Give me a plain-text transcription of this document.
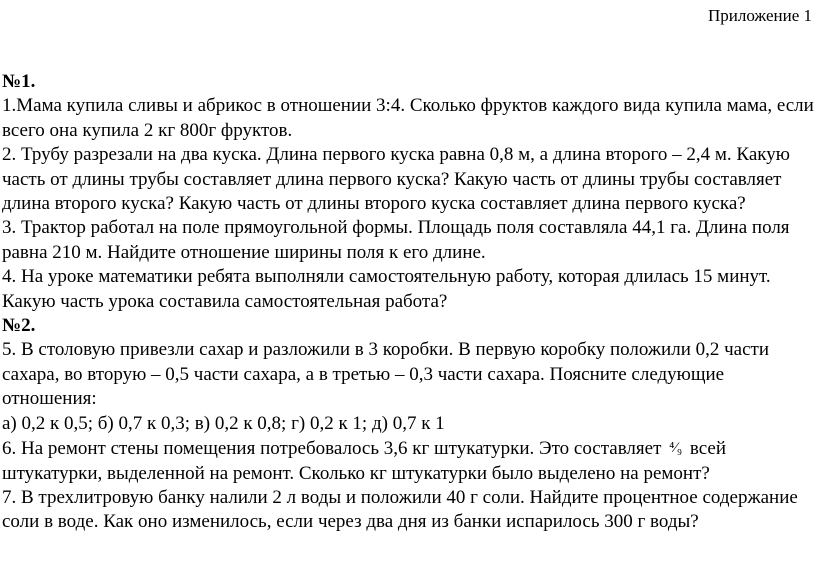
Приложение 1
№1.
1.Мама купила сливы и абрикос в отношении 3:4. Сколько фруктов каждого вида купила мама, если всего она купила 2 кг 800г фруктов.
2. Трубу разрезали на два куска. Длина первого куска равна 0,8 м, а длина второго – 2,4 м. Какую часть от длины трубы составляет длина первого куска? Какую часть от длины трубы составляет длина второго куска? Какую часть от длины второго куска составляет длина первого куска?
3. Трактор работал на поле прямоугольной формы. Площадь поля составляла 44,1 га. Длина поля равна 210 м. Найдите отношение ширины поля к его длине.
4. На уроке математики ребята выполняли самостоятельную работу, которая длилась 15 минут. Какую часть урока составила самостоятельная работа?
№2.
5. В столовую привезли сахар и разложили в 3 коробки. В первую коробку положили 0,2 части сахара, во вторую – 0,5 части сахара, а в третью – 0,3 части сахара. Поясните следующие отношения:
а) 0,2 к 0,5; б) 0,7 к 0,3; в) 0,2 к 0,8; г) 0,2 к 1; д) 0,7 к 1
6. На ремонт стены помещения потребовалось 3,6 кг штукатурки. Это составляет ⁴⁄₉ всей штукатурки, выделенной на ремонт. Сколько кг штукатурки было выделено на ремонт?
7. В трехлитровую банку налили 2 л воды и положили 40 г соли. Найдите процентное содержание соли в воде. Как оно изменилось, если через два дня из банки испарилось 300 г воды?
